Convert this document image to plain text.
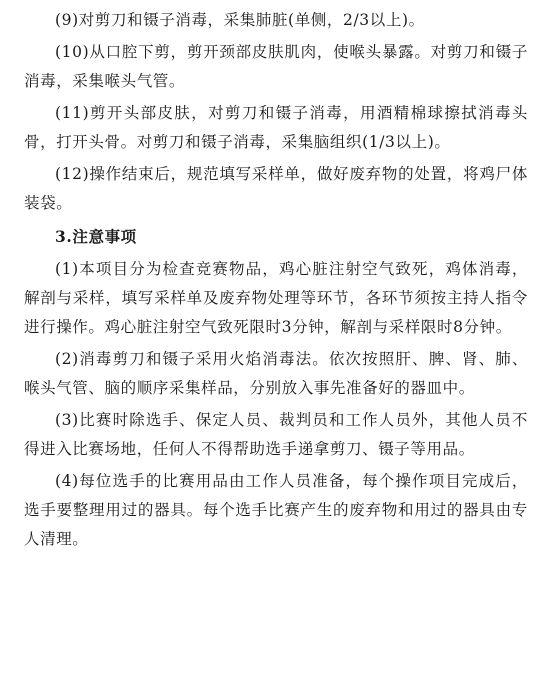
(9)对剪刀和镊子消毒，采集肺脏(单侧，2/3以上)。

(10)从口腔下剪，剪开颈部皮肤肌肉，使喉头暴露。对剪刀和镊子消毒，采集喉头气管。

(11)剪开头部皮肤，对剪刀和镊子消毒，用酒精棉球擦拭消毒头骨，打开头骨。对剪刀和镊子消毒，采集脑组织(1/3以上)。

(12)操作结束后，规范填写采样单，做好废弃物的处置，将鸡尸体装袋。

3.注意事项

(1)本项目分为检查竞赛物品，鸡心脏注射空气致死，鸡体消毒，解剖与采样，填写采样单及废弃物处理等环节，各环节须按主持人指令进行操作。鸡心脏注射空气致死限时3分钟，解剖与采样限时8分钟。

(2)消毒剪刀和镊子采用火焰消毒法。依次按照肝、脾、肾、肺、喉头气管、脑的顺序采集样品，分别放入事先准备好的器皿中。

(3)比赛时除选手、保定人员、裁判员和工作人员外，其他人员不得进入比赛场地，任何人不得帮助选手递拿剪刀、镊子等用品。

(4)每位选手的比赛用品由工作人员准备，每个操作项目完成后，选手要整理用过的器具。每个选手比赛产生的废弃物和用过的器具由专人清理。
